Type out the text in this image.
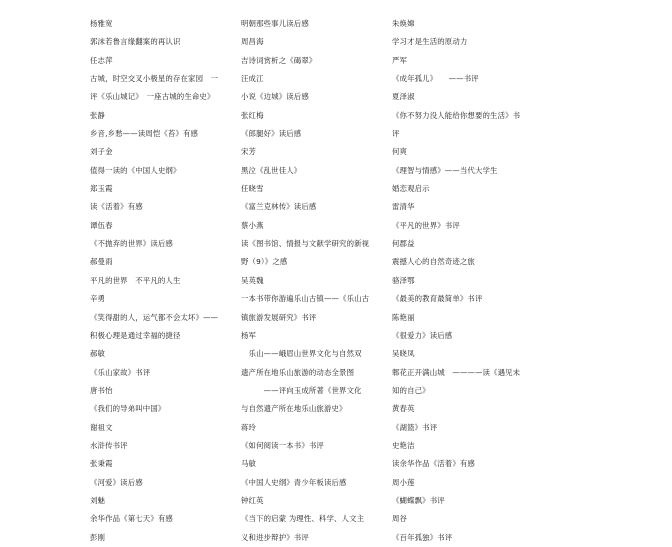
杨雅宽
郭沫若鲁言缘翻案的再认识
任志萍
古城，时空交叉小极星的存在家园　一
评《乐山城记》　一座古城的生命史》
张静
乡音,乡愁——读周恺《苔》有感
刘子金
值得一读的《中国人史纲》
郑玉霞
读《活着》有感
谭伍春
《不抛弃的世界》读后感
郝曼雨
平凡的世界　不平凡的人生
辛勇
《笑得甜的人，运气都不会太坏》——
积极心理是通过幸福的捷径
郝敏
《乐山家故》书评
唐书怡
《我们的导弟叫中国》
谢祖文
水浒传书评
张秉霞
《河爱》读后感
刘魅
余华作品《第七天》有感
彭刚
明朝那些事儿读后感
周昌海
吉诗词赏析之《碣翠》
汪成江
小说《边城》读后感
张红梅
《郎腿好》读后感
宋芳
黑泣《乱世佳人》
任晓雪
《富兰克林传》读后感
蔡小燕
读《图书馆、情报与文献学研究的新视
野（9）》之感
吴英魏
一本书带你游遍乐山古镇——《乐山古
镇旅游发展研究》书评
杨军
　乐山——峨眉山世界文化与自然双
遗产所在地乐山旅游的动态全景图
　　　——评向玉成所著《世界文化
与自然遗产所在地乐山旅游史》
蒋玲
《如何阅读一本书》书评
马敏
《中国人史纲》青少年板读后感
钟红英
《当下的启蒙 为理性、科学、人文主
义和进步辩护》书评
朱焕嫦
学习才是生活的原动力
严军
《成年孤儿》　　——书评
夏泽淑
《你不努力没人能给你想要的生活》书
评
何爽
《理智与情感》——当代大学生
婚恋观启示
雷清华
《平凡的世界》书评
何郡益
震撼人心的自然奇迹之旅
骆泽鄂
《最美的教育最简单》书评
陈艳丽
《很爱力》读后感
吴晓凤
郫花正开满山城　————读《遇见未
知的自己》
黄春英
《湖篮》书评
史艳洁
读余华作品《活着》有感
周小莲
《蝴蝶飘》书评
周谷
《百年孤独》书评
